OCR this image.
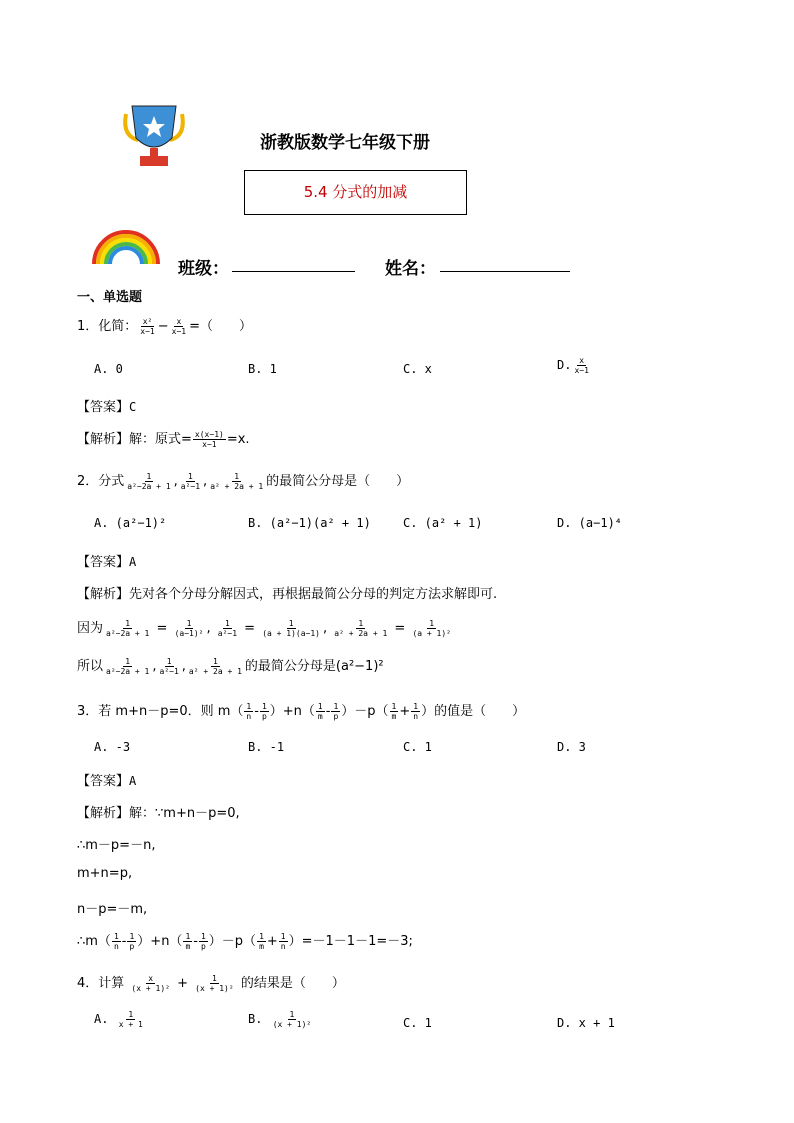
浙教版数学七年级下册
5.4 分式的加减
班级：	姓名：
一、单选题
1．化简： $\frac{\text{x²}}{x-1} - \frac{x}{x-1}$ =（　　）
A. 0	B. 1	C. x	D. $\frac{x}{x-1}$
【答案】C
【解析】解：原式= $\frac{x(x-1)}{x-1} =x$.
2．分式 $\frac{1}{\text{a²−2a + 1}}$ , $\frac{1}{\text{a²−1}}$ , $\frac{1}{\text{a² + 2a + 1}}$ 的最简公分母是（　　）
A. (a²−1)²	B. (a²−1)(a² + 1)	C. (a² + 1)	D. (a−1)⁴
【答案】A
【解析】先对各个分母分解因式，再根据最简公分母的判定方法求解即可.
因为 $\frac{1}{\text{a²−2a + 1}} = \frac{1}{\text{(a−1)²}}$ , $\frac{1}{\text{a²−1}} = \frac{1}{(a + 1)(a-1)}$ , $\frac{1}{\text{a² + 2a + 1}} = \frac{1}{\text{(a + 1)²}}$
所以 $\frac{1}{\text{a²−2a + 1}}$ , $\frac{1}{\text{a²−1}}$ , $\frac{1}{\text{a² + 2a + 1}}$ 的最简公分母是(a²−1)²
3．若 m+n－p=0．则 $m( \frac{1}{n} - \frac{1}{p} )+n( \frac{1}{m} - \frac{1}{p} )-p( \frac{1}{m} + \frac{1}{n}$ ）的值是（　　）
A. -3	B. -1	C. 1	D. 3
【答案】A
【解析】解：∵m+n－p=0,
∴m－p=－n,
m+n=p,
n－p=－m,
∴m（ $\frac{1}{n} - \frac{1}{p} )+n( \frac{1}{m} - \frac{1}{p} )-p( \frac{1}{m} + \frac{1}{n} )=-1-1-1=-3$;
4．计算 $\frac{x}{\text{(x + 1)²}} + \frac{1}{\text{(x + 1)²}}$ 的结果是（　　）
A. $\frac{1}{x + 1}$	B. $\frac{1}{\text{(x + 1)²}}$	C. 1	D. x + 1
